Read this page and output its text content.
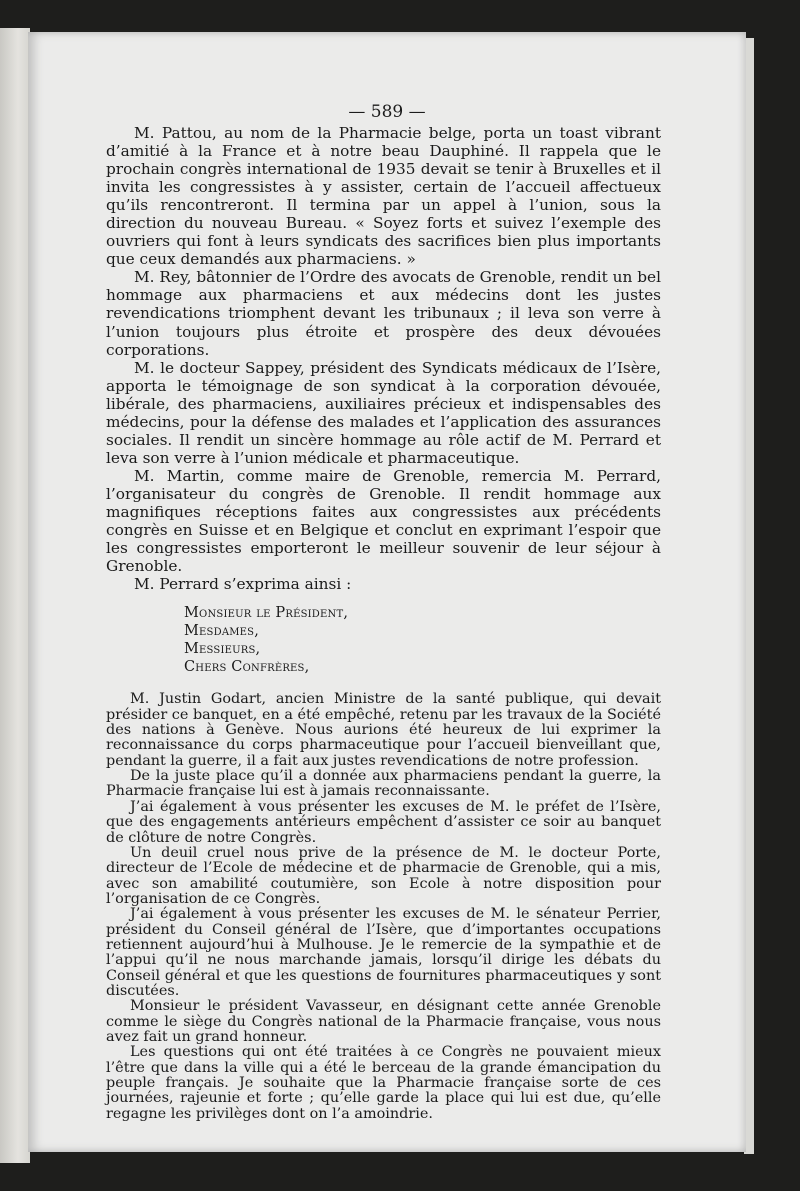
— 589 —

M. Pattou, au nom de la Pharmacie belge, porta un toast vibrant d’amitié à la France et à notre beau Dauphiné. Il rappela que le prochain congrès international de 1935 devait se tenir à Bruxelles et il invita les congressistes à y assister, certain de l’accueil affectueux qu’ils rencontreront. Il termina par un appel à l’union, sous la direction du nouveau Bureau. « Soyez forts et suivez l’exemple des ouvriers qui font à leurs syndicats des sacrifices bien plus importants que ceux demandés aux pharmaciens. »

M. Rey, bâtonnier de l’Ordre des avocats de Grenoble, rendit un bel hommage aux pharmaciens et aux médecins dont les justes revendications triomphent devant les tribunaux ; il leva son verre à l’union toujours plus étroite et prospère des deux dévouées corporations.

M. le docteur Sappey, président des Syndicats médicaux de l’Isère, apporta le témoignage de son syndicat à la corporation dévouée, libérale, des pharmaciens, auxiliaires précieux et indispensables des médecins, pour la défense des malades et l’application des assurances sociales. Il rendit un sincère hommage au rôle actif de M. Perrard et leva son verre à l’union médicale et pharmaceutique.

M. Martin, comme maire de Grenoble, remercia M. Perrard, l’organisateur du congrès de Grenoble. Il rendit hommage aux magnifiques réceptions faites aux congressistes aux précédents congrès en Suisse et en Belgique et conclut en exprimant l’espoir que les congressistes emporteront le meilleur souvenir de leur séjour à Grenoble.

M. Perrard s’exprima ainsi :

Monsieur le Président,
Mesdames,
Messieurs,
Chers Confrères,

M. Justin Godart, ancien Ministre de la santé publique, qui devait présider ce banquet, en a été empêché, retenu par les travaux de la Société des nations à Genève. Nous aurions été heureux de lui exprimer la reconnaissance du corps pharmaceutique pour l’accueil bienveillant que, pendant la guerre, il a fait aux justes revendications de notre profession.

De la juste place qu’il a donnée aux pharmaciens pendant la guerre, la Pharmacie française lui est à jamais reconnaissante.

J’ai également à vous présenter les excuses de M. le préfet de l’Isère, que des engagements antérieurs empêchent d’assister ce soir au banquet de clôture de notre Congrès.

Un deuil cruel nous prive de la présence de M. le docteur Porte, directeur de l’Ecole de médecine et de pharmacie de Grenoble, qui a mis, avec son amabilité coutumière, son Ecole à notre disposition pour l’organisation de ce Congrès.

J’ai également à vous présenter les excuses de M. le sénateur Perrier, président du Conseil général de l’Isère, que d’importantes occupations retiennent aujourd’hui à Mulhouse. Je le remercie de la sympathie et de l’appui qu’il ne nous marchande jamais, lorsqu’il dirige les débats du Conseil général et que les questions de fournitures pharmaceutiques y sont discutées.

Monsieur le président Vavasseur, en désignant cette année Grenoble comme le siège du Congrès national de la Pharmacie française, vous nous avez fait un grand honneur.

Les questions qui ont été traitées à ce Congrès ne pouvaient mieux l’être que dans la ville qui a été le berceau de la grande émancipation du peuple français. Je souhaite que la Pharmacie française sorte de ces journées, rajeunie et forte ; qu’elle garde la place qui lui est due, qu’elle regagne les privilèges dont on l’a amoindrie.
